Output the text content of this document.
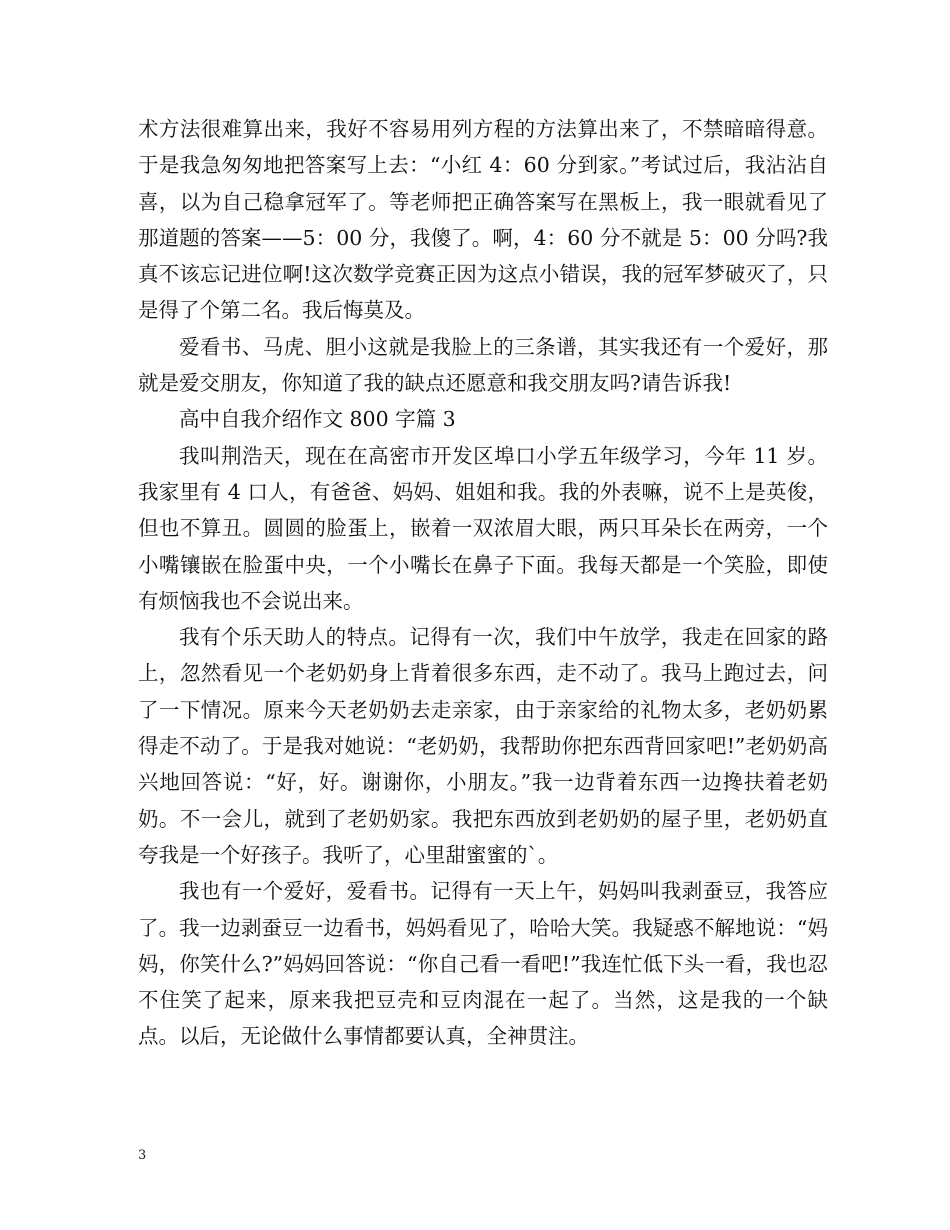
术方法很难算出来，我好不容易用列方程的方法算出来了，不禁暗暗得意。于是我急匆匆地把答案写上去：“小红 4：60 分到家。”考试过后，我沾沾自喜，以为自己稳拿冠军了。等老师把正确答案写在黑板上，我一眼就看见了那道题的答案——5：00 分，我傻了。啊，4：60 分不就是 5：00 分吗?我真不该忘记进位啊!这次数学竞赛正因为这点小错误，我的冠军梦破灭了，只是得了个第二名。我后悔莫及。

爱看书、马虎、胆小这就是我脸上的三条谱，其实我还有一个爱好，那就是爱交朋友，你知道了我的缺点还愿意和我交朋友吗?请告诉我!

高中自我介绍作文 800 字篇 3

我叫荆浩天，现在在高密市开发区埠口小学五年级学习，今年 11 岁。我家里有 4 口人，有爸爸、妈妈、姐姐和我。我的外表嘛，说不上是英俊，但也不算丑。圆圆的脸蛋上，嵌着一双浓眉大眼，两只耳朵长在两旁，一个小嘴镶嵌在脸蛋中央，一个小嘴长在鼻子下面。我每天都是一个笑脸，即使有烦恼我也不会说出来。

我有个乐天助人的特点。记得有一次，我们中午放学，我走在回家的路上，忽然看见一个老奶奶身上背着很多东西，走不动了。我马上跑过去，问了一下情况。原来今天老奶奶去走亲家，由于亲家给的礼物太多，老奶奶累得走不动了。于是我对她说：“老奶奶，我帮助你把东西背回家吧!”老奶奶高兴地回答说：“好，好。谢谢你，小朋友。”我一边背着东西一边搀扶着老奶奶。不一会儿，就到了老奶奶家。我把东西放到老奶奶的屋子里，老奶奶直夸我是一个好孩子。我听了，心里甜蜜蜜的`。

我也有一个爱好，爱看书。记得有一天上午，妈妈叫我剥蚕豆，我答应了。我一边剥蚕豆一边看书，妈妈看见了，哈哈大笑。我疑惑不解地说：“妈妈，你笑什么?”妈妈回答说：“你自己看一看吧!”我连忙低下头一看，我也忍不住笑了起来，原来我把豆壳和豆肉混在一起了。当然，这是我的一个缺点。以后，无论做什么事情都要认真，全神贯注。

3
